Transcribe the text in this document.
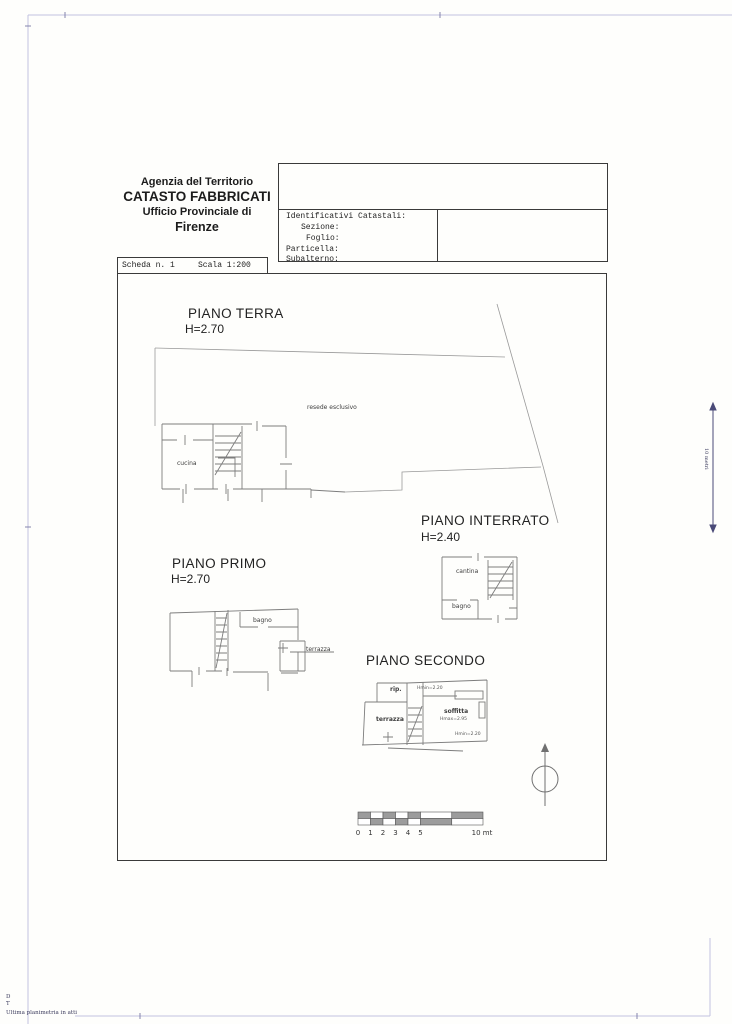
Agenzia del Territorio
CATASTO FABBRICATI
Ufficio Provinciale di
Firenze
Identificativi Catastali:
Sezione:
Foglio:
Particella:
Subalterno:
Scheda n. 1	Scala 1:200
PIANO TERRA
H=2.70
PIANO INTERRATO
H=2.40
PIANO PRIMO
H=2.70
PIANO SECONDO
resede esclusivo
cucina
cantina
bagno
bagno
terrazza
rip.	Hmin=2.20
terrazza
soffitta
Hmax=2.95
Hmin=2.20
0 1 2 3 4 5	10 mt
10 metri
D
T
Ultima planimetria in atti
